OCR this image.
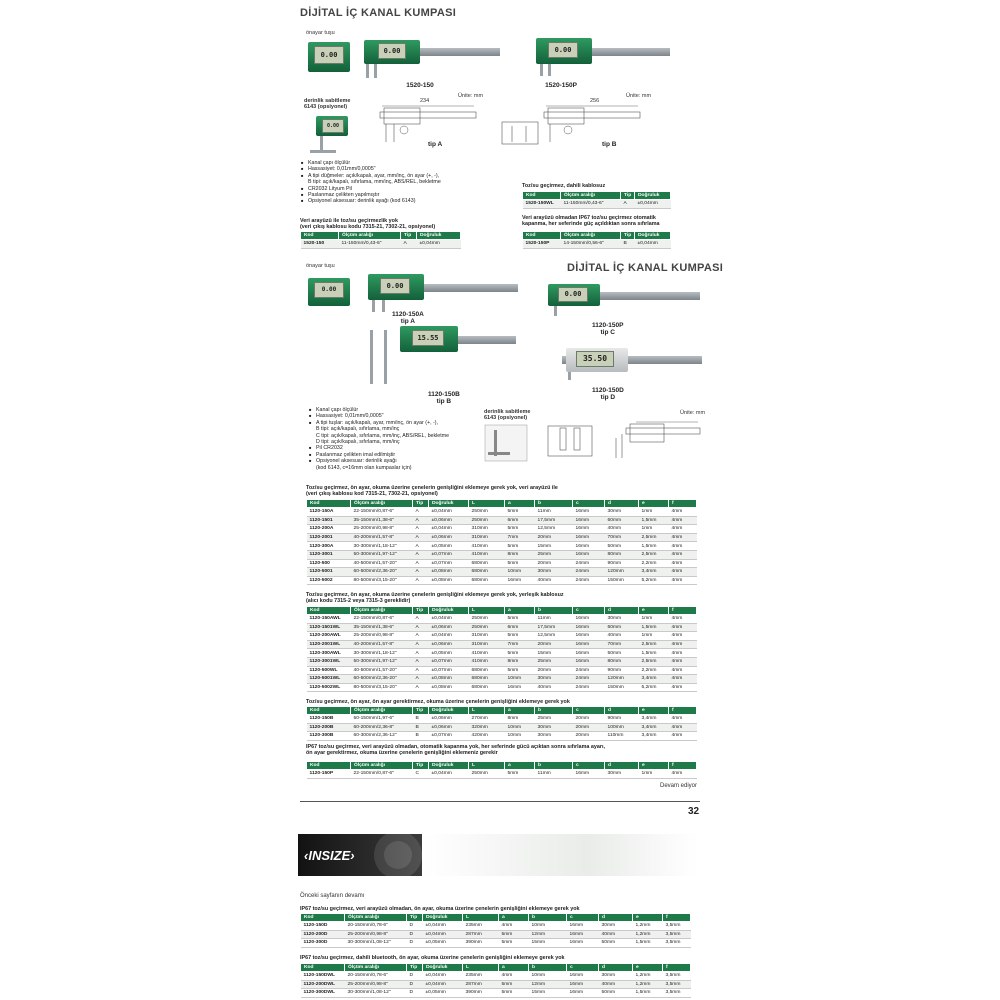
DİJİTAL İÇ KANAL KUMPASI
önayar tuşu
0.00
0.00
1520-150
0.00
1520-150P
derinlik sabitleme
6143 (opsiyonel)
0.00
Ünite: mm
234
tip A
Ünite: mm
256
tip B
■ Kanal çapı ölçülür
■ Hassasiyet: 0,01mm/0,0005"
■ A tipi düğmeler: açık/kapalı, ayar, mm/inç, ön ayar (+, -),
B tipi: açık/kapalı, sıfırlama, mm/inç, ABS/REL, bekletme
■ CR2032 Lityum Pil
■ Paslanmaz çelikten yapılmıştır
■ Opsiyonel aksesuar: derinlik ayağı (kod 6143)
Veri arayüzü ile toz/su geçirmezlik yok
(veri çıkış kablosu kodu 7315-21, 7302-21, opsiyonel)
Kod	Ölçüm aralığı	Tip	Doğruluk
1520-150	11-150mm/0,43-6"	A	±0,04mm
Toz/su geçirmez, dahili kablosuz
Kod	Ölçüm aralığı	Tip	Doğruluk
1520-150WL	11-150mm/0,43-6"	A	±0,04mm
Veri arayüzü olmadan IP67 toz/su geçirmez otomatik
kapanma, her seferinde güç açıldıktan sonra sıfırlama
Kod	Ölçüm aralığı	Tip	Doğruluk
1520-150P	14-150mm/0,56-6"	B	±0,04mm
DİJİTAL İÇ KANAL KUMPASI
önayar tuşu
0.00
0.00
1120-150A
tip A
0.00
1120-150P
tip C
15.55
1120-150B
tip B
35.50
1120-150D
tip D
■ Kanal çapı ölçülür
■ Hassasiyet: 0,01mm/0,0005"
■ A tipi tuşlar: açık/kapalı, ayar, mm/inç, ön ayar (+, -),
B tipi: açık/kapalı, sıfırlama, mm/inç
C tipi: açık/kapalı, sıfırlama, mm/inç, ABS/REL, bekletme
D tipi: açık/kapalı, sıfırlama, mm/inç
■ Pil CR2032
■ Paslanmaz çelikten imal edilmiştir
■ Opsiyonel aksesuar: derinlik ayağı
(kod 6143, c=16mm olan kumpaslar için)
derinlik sabitleme
6143 (opsiyonel)
Ünite: mm
Toz/su geçirmez, ön ayar, okuma üzerine çenelerin genişliğini eklemeye gerek yok, veri arayüzü ile
(veri çıkış kablosu kod 7315-21, 7302-21, opsiyonel)
Kod	Ölçüm aralığı	Tip	Doğruluk	L	a	b	c	d	e	f
1120-150A	22-150mm/0,87-6"	A	±0,04mm	250mm	5mm	11mm	16mm	30mm	1mm	4mm
1120-1501	35-150mm/1,38-6"	A	±0,06mm	250mm	6mm	17,5mm	16mm	60mm	1,5mm	4mm
1120-200A	25-200mm/0,98-8"	A	±0,04mm	310mm	5mm	12,5mm	16mm	40mm	1mm	4mm
1120-2001	40-200mm/1,57-8"	A	±0,06mm	310mm	7mm	20mm	16mm	70mm	2,5mm	4mm
1120-300A	30-300mm/1,18-12"	A	±0,05mm	410mm	5mm	15mm	16mm	50mm	1,5mm	4mm
1120-3001	50-300mm/1,97-12"	A	±0,07mm	410mm	8mm	25mm	16mm	80mm	2,5mm	4mm
1120-500	40-500mm/1,57-20"	A	±0,07mm	680mm	5mm	20mm	24mm	90mm	2,2mm	4mm
1120-5001	60-500mm/2,36-20"	A	±0,08mm	680mm	10mm	30mm	24mm	120mm	3,4mm	4mm
1120-5002	80-500mm/3,15-20"	A	±0,08mm	680mm	16mm	40mm	24mm	150mm	5,2mm	4mm
Toz/su geçirmez, ön ayar, okuma üzerine çenelerin genişliğini eklemeye gerek yok, yerleşik kablosuz
(alıcı kodu 7315-2 veya 7315-3 gereklidir)
Kod	Ölçüm aralığı	Tip	Doğruluk	L	a	b	c	d	e	f
1120-150AWL	22-150mm/0,87-6"	A	±0,04mm	250mm	5mm	11mm	16mm	30mm	1mm	4mm
1120-1501WL	35-150mm/1,38-6"	A	±0,06mm	250mm	6mm	17,5mm	16mm	60mm	1,5mm	4mm
1120-200AWL	25-200mm/0,98-8"	A	±0,04mm	310mm	5mm	12,5mm	16mm	40mm	1mm	4mm
1120-2001WL	40-200mm/1,57-8"	A	±0,06mm	310mm	7mm	20mm	16mm	70mm	2,5mm	4mm
1120-300AWL	30-300mm/1,18-12"	A	±0,05mm	410mm	5mm	15mm	16mm	50mm	1,5mm	4mm
1120-3001WL	50-300mm/1,97-12"	A	±0,07mm	410mm	8mm	25mm	16mm	80mm	2,5mm	4mm
1120-500WL	40-500mm/1,57-20"	A	±0,07mm	680mm	5mm	20mm	24mm	90mm	2,2mm	4mm
1120-5001WL	60-500mm/2,36-20"	A	±0,08mm	680mm	10mm	30mm	24mm	120mm	3,4mm	4mm
1120-5002WL	80-500mm/3,15-20"	A	±0,08mm	680mm	16mm	40mm	24mm	150mm	5,2mm	4mm
Toz/su geçirmez, ön ayar, ön ayar gerektirmez, okuma üzerine çenelerin genişliğini eklemeye gerek yok
Kod	Ölçüm aralığı	Tip	Doğruluk	L	a	b	c	d	e	f
1120-150B	50-150mm/1,97-6"	B	±0,06mm	270mm	8mm	25mm	20mm	90mm	3,4mm	4mm
1120-200B	60-200mm/2,36-8"	B	±0,06mm	320mm	10mm	30mm	20mm	100mm	3,4mm	4mm
1120-300B	60-300mm/2,36-12"	B	±0,07mm	420mm	10mm	30mm	20mm	110mm	3,4mm	4mm
IP67 toz/su geçirmez, veri arayüzü olmadan, otomatik kapanma yok, her seferinde gücü açıktan sonra sıfırlama ayarı,
ön ayar gerektirmez, okuma üzerine çenelerin genişliğini eklemeniz gerekir
Kod	Ölçüm aralığı	Tip	Doğruluk	L	a	b	c	d	e	f
1120-150P	22-150mm/0,87-6"	C	±0,04mm	250mm	5mm	11mm	16mm	30mm	1mm	4mm
Devam ediyor
32
‹INSIZE›
Önceki sayfanın devamı
IP67 toz/su geçirmez, veri arayüzü olmadan, ön ayar, okuma üzerine çenelerin genişliğini eklemeye gerek yok
Kod	Ölçüm aralığı	Tip	Doğruluk	L	a	b	c	d	e	f
1120-150D	20-150mm/0,78-6"	D	±0,04mm	235mm	4mm	10mm	16mm	30mm	1,2mm	3,5mm
1120-200D	25-200mm/0,98-8"	D	±0,04mm	287mm	5mm	12mm	16mm	40mm	1,2mm	3,5mm
1120-300D	30-300mm/1,08-12"	D	±0,05mm	390mm	5mm	15mm	16mm	50mm	1,5mm	3,5mm
IP67 toz/su geçirmez, dahili bluetooth, ön ayar, okuma üzerine çenelerin genişliğini eklemeye gerek yok
Kod	Ölçüm aralığı	Tip	Doğruluk	L	a	b	c	d	e	f
1120-150DWL	20-150mm/0,78-6"	D	±0,04mm	235mm	4mm	10mm	16mm	30mm	1,2mm	3,5mm
1120-200DWL	25-200mm/0,98-8"	D	±0,04mm	287mm	5mm	12mm	16mm	40mm	1,2mm	3,5mm
1120-300DWL	30-300mm/1,08-12"	D	±0,05mm	390mm	5mm	15mm	16mm	50mm	1,5mm	3,5mm
